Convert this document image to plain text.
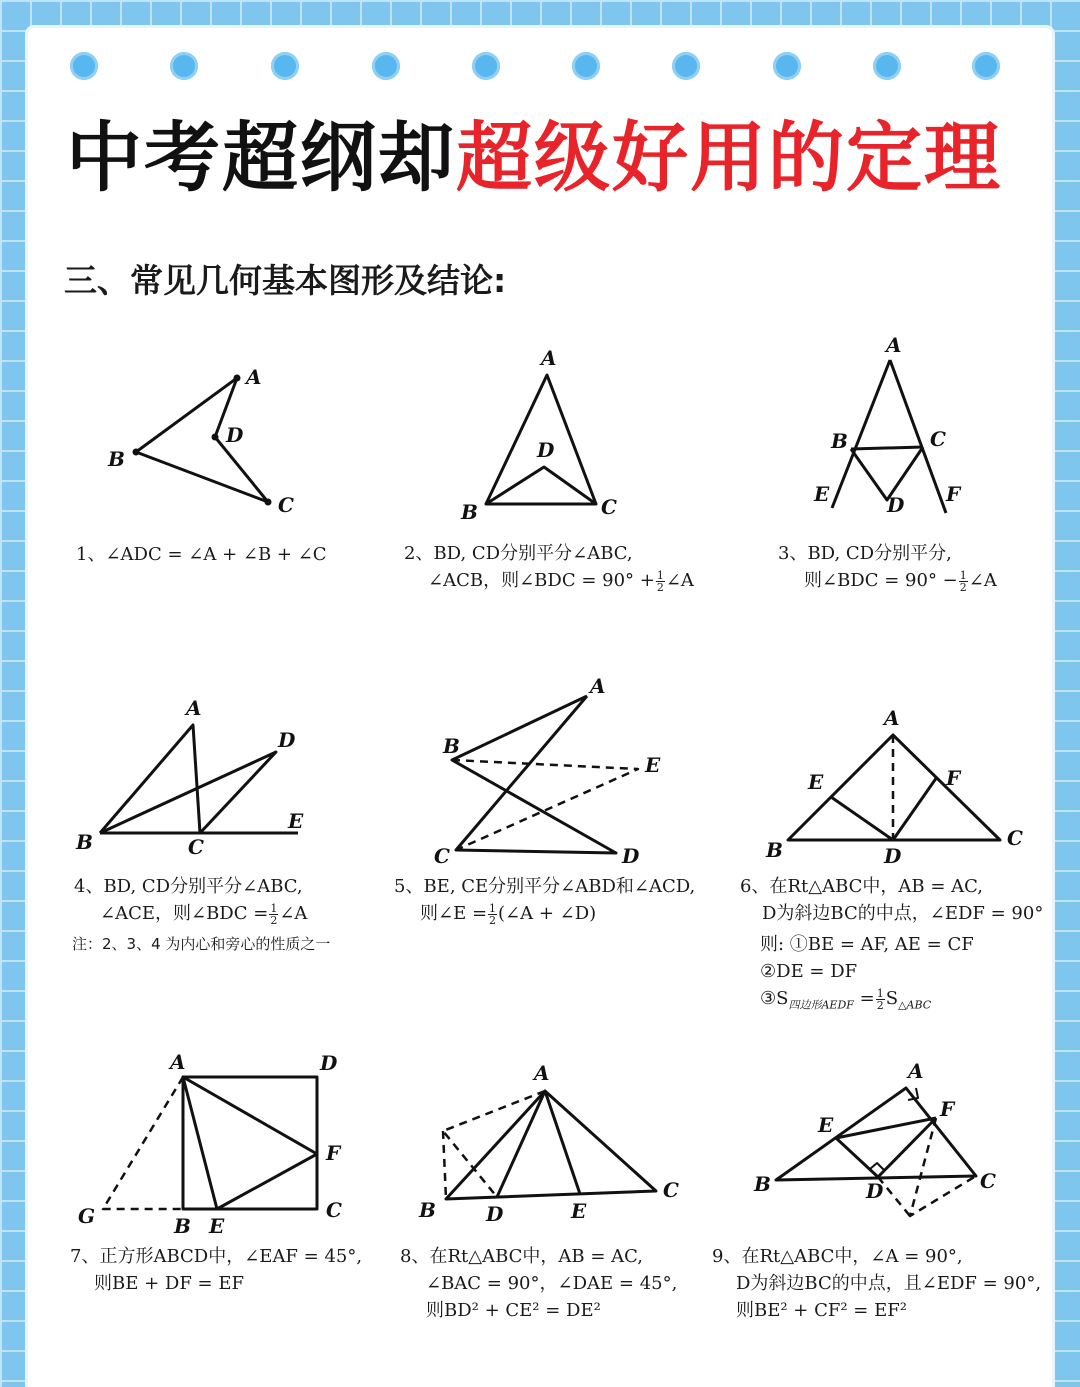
中考超纲却超级好用的定理
三、常见几何基本图形及结论:
A
B
C
D

1、∠ADC = ∠A + ∠B + ∠C

A
B	C
D

2、BD, CD分别平分∠ABC,
∠ACB，则∠BDC = $90^\circ + \frac{1}{2}$ ∠A

A
B	C
D
E	F

3、BD, CD分别平分,
则∠BDC = $90^\circ - \frac{1}{2}$ ∠A

A
B	C
D
E

4、BD, CD分别平分∠ABC,
∠ACE，则∠BDC = $\frac{1}{2}$ ∠A

注：2、3、4 为内心和旁心的性质之一

A
B
C	D
E

5、BE, CE分别平分∠ABD和∠ACD,
则∠E = $\frac{1}{2}$ (∠A + ∠D)

A
B	C
D
E	F

6、在Rt△ABC中，AB = AC,
D为斜边BC的中点，∠EDF = 90°
则: ①BE = AF, AE = CF
②DE = DF
$③S_{四边形AEDF} = \frac{1}{2} S_{\triangle ABC}$

A
B
C
D
E
F
G

7、正方形ABCD中，∠EAF = 45°,
则BE + DF = EF

A
B
C
D	E

8、在Rt△ABC中，AB = AC,
∠BAC = 90°，∠DAE = 45°,
则BD² + CE² = DE²

A
B	C
D
E
F

9、在Rt△ABC中，∠A = 90°,
D为斜边BC的中点，且∠EDF = 90°,
则BE² + CF² = EF²
